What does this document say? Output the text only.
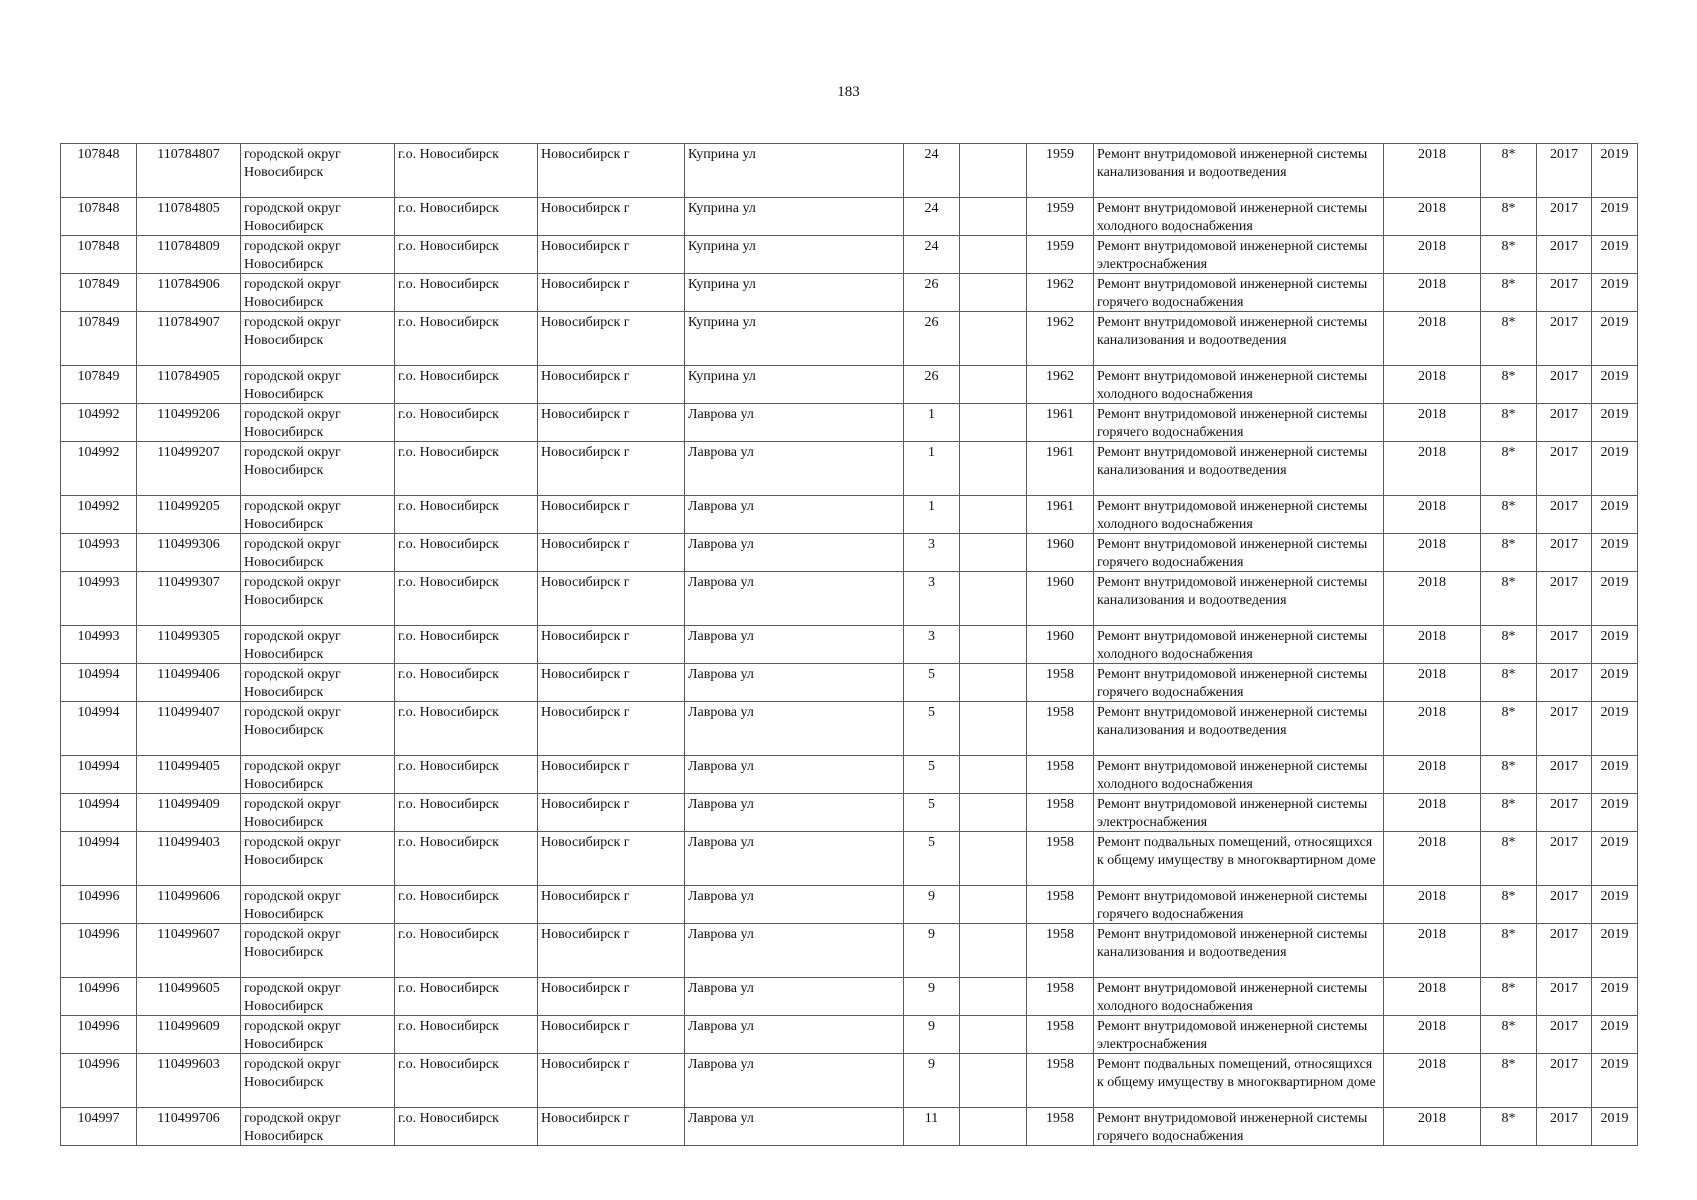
183
107848	110784807	городской округ Новосибирск	г.о. Новосибирск	Новосибирск г	Куприна ул	24		1959	Ремонт внутридомовой инженерной системы канализования и водоотведения	2018	8*	2017	2019
107848	110784805	городской округ Новосибирск	г.о. Новосибирск	Новосибирск г	Куприна ул	24		1959	Ремонт внутридомовой инженерной системы холодного водоснабжения	2018	8*	2017	2019
107848	110784809	городской округ Новосибирск	г.о. Новосибирск	Новосибирск г	Куприна ул	24		1959	Ремонт внутридомовой инженерной системы электроснабжения	2018	8*	2017	2019
107849	110784906	городской округ Новосибирск	г.о. Новосибирск	Новосибирск г	Куприна ул	26		1962	Ремонт внутридомовой инженерной системы горячего водоснабжения	2018	8*	2017	2019
107849	110784907	городской округ Новосибирск	г.о. Новосибирск	Новосибирск г	Куприна ул	26		1962	Ремонт внутридомовой инженерной системы канализования и водоотведения	2018	8*	2017	2019
107849	110784905	городской округ Новосибирск	г.о. Новосибирск	Новосибирск г	Куприна ул	26		1962	Ремонт внутридомовой инженерной системы холодного водоснабжения	2018	8*	2017	2019
104992	110499206	городской округ Новосибирск	г.о. Новосибирск	Новосибирск г	Лаврова ул	1		1961	Ремонт внутридомовой инженерной системы горячего водоснабжения	2018	8*	2017	2019
104992	110499207	городской округ Новосибирск	г.о. Новосибирск	Новосибирск г	Лаврова ул	1		1961	Ремонт внутридомовой инженерной системы канализования и водоотведения	2018	8*	2017	2019
104992	110499205	городской округ Новосибирск	г.о. Новосибирск	Новосибирск г	Лаврова ул	1		1961	Ремонт внутридомовой инженерной системы холодного водоснабжения	2018	8*	2017	2019
104993	110499306	городской округ Новосибирск	г.о. Новосибирск	Новосибирск г	Лаврова ул	3		1960	Ремонт внутридомовой инженерной системы горячего водоснабжения	2018	8*	2017	2019
104993	110499307	городской округ Новосибирск	г.о. Новосибирск	Новосибирск г	Лаврова ул	3		1960	Ремонт внутридомовой инженерной системы канализования и водоотведения	2018	8*	2017	2019
104993	110499305	городской округ Новосибирск	г.о. Новосибирск	Новосибирск г	Лаврова ул	3		1960	Ремонт внутридомовой инженерной системы холодного водоснабжения	2018	8*	2017	2019
104994	110499406	городской округ Новосибирск	г.о. Новосибирск	Новосибирск г	Лаврова ул	5		1958	Ремонт внутридомовой инженерной системы горячего водоснабжения	2018	8*	2017	2019
104994	110499407	городской округ Новосибирск	г.о. Новосибирск	Новосибирск г	Лаврова ул	5		1958	Ремонт внутридомовой инженерной системы канализования и водоотведения	2018	8*	2017	2019
104994	110499405	городской округ Новосибирск	г.о. Новосибирск	Новосибирск г	Лаврова ул	5		1958	Ремонт внутридомовой инженерной системы холодного водоснабжения	2018	8*	2017	2019
104994	110499409	городской округ Новосибирск	г.о. Новосибирск	Новосибирск г	Лаврова ул	5		1958	Ремонт внутридомовой инженерной системы электроснабжения	2018	8*	2017	2019
104994	110499403	городской округ Новосибирск	г.о. Новосибирск	Новосибирск г	Лаврова ул	5		1958	Ремонт подвальных помещений, относящихся к общему имуществу в многоквартирном доме	2018	8*	2017	2019
104996	110499606	городской округ Новосибирск	г.о. Новосибирск	Новосибирск г	Лаврова ул	9		1958	Ремонт внутридомовой инженерной системы горячего водоснабжения	2018	8*	2017	2019
104996	110499607	городской округ Новосибирск	г.о. Новосибирск	Новосибирск г	Лаврова ул	9		1958	Ремонт внутридомовой инженерной системы канализования и водоотведения	2018	8*	2017	2019
104996	110499605	городской округ Новосибирск	г.о. Новосибирск	Новосибирск г	Лаврова ул	9		1958	Ремонт внутридомовой инженерной системы холодного водоснабжения	2018	8*	2017	2019
104996	110499609	городской округ Новосибирск	г.о. Новосибирск	Новосибирск г	Лаврова ул	9		1958	Ремонт внутридомовой инженерной системы электроснабжения	2018	8*	2017	2019
104996	110499603	городской округ Новосибирск	г.о. Новосибирск	Новосибирск г	Лаврова ул	9		1958	Ремонт подвальных помещений, относящихся к общему имуществу в многоквартирном доме	2018	8*	2017	2019
104997	110499706	городской округ Новосибирск	г.о. Новосибирск	Новосибирск г	Лаврова ул	11		1958	Ремонт внутридомовой инженерной системы горячего водоснабжения	2018	8*	2017	2019
